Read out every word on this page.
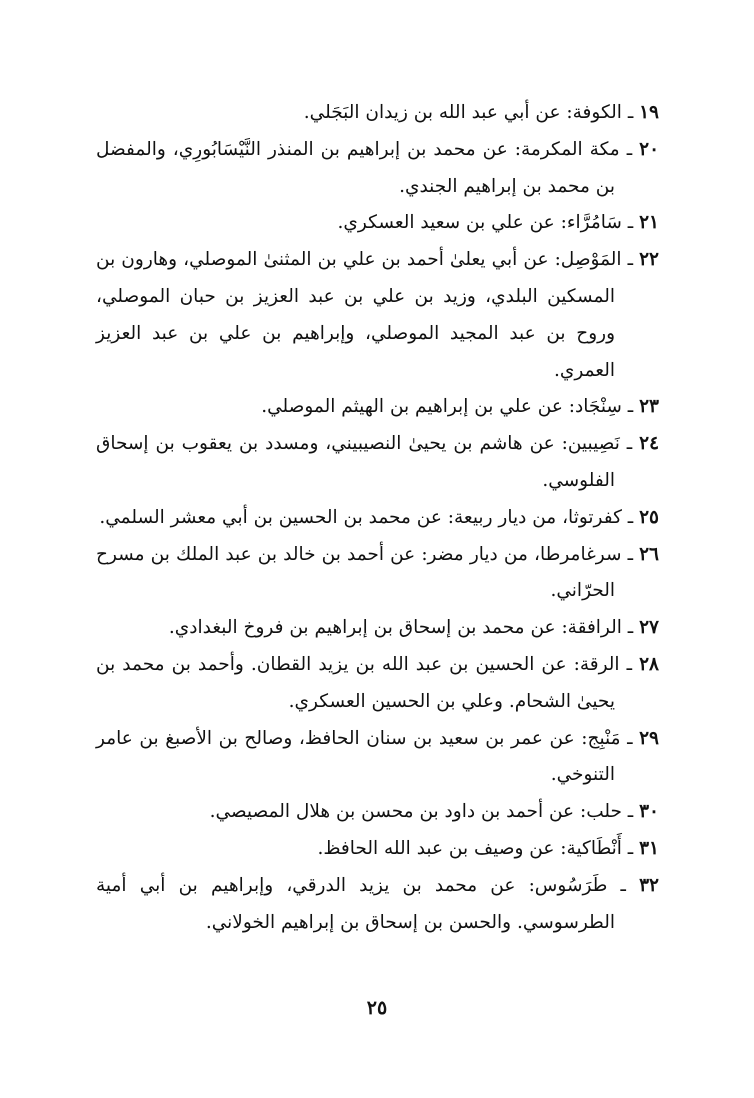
١٩ ـ الكوفة: عن أبي عبد الله بن زيدان البَجَلي.

٢٠ ـ مكة المكرمة: عن محمد بن إبراهيم بن المنذر النَّيْسَابُورِي، والمفضل بن محمد بن إبراهيم الجندي.

٢١ ـ سَامُرَّاء: عن علي بن سعيد العسكري.

٢٢ ـ المَوْصِل: عن أبي يعلىٰ أحمد بن علي بن المثنىٰ الموصلي، وهارون بن المسكين البلدي، وزيد بن علي بن عبد العزيز بن حبان الموصلي، وروح بن عبد المجيد الموصلي، وإبراهيم بن علي بن عبد العزيز العمري.

٢٣ ـ سِنْجَاد: عن علي بن إبراهيم بن الهيثم الموصلي.

٢٤ ـ نَصِيبين: عن هاشم بن يحيىٰ النصيبيني، ومسدد بن يعقوب بن إسحاق الفلوسي.

٢٥ ـ كفرتوثا، من ديار ربيعة: عن محمد بن الحسين بن أبي معشر السلمي.

٢٦ ـ سرغامرطا، من ديار مضر: عن أحمد بن خالد بن عبد الملك بن مسرح الحرّاني.

٢٧ ـ الرافقة: عن محمد بن إسحاق بن إبراهيم بن فروخ البغدادي.

٢٨ ـ الرقة: عن الحسين بن عبد الله بن يزيد القطان. وأحمد بن محمد بن يحيىٰ الشحام. وعلي بن الحسين العسكري.

٢٩ ـ مَنْبِج: عن عمر بن سعيد بن سنان الحافظ، وصالح بن الأصبغ بن عامر التنوخي.

٣٠ ـ حلب: عن أحمد بن داود بن محسن بن هلال المصيصي.

٣١ ـ أَنْطَاكية: عن وصيف بن عبد الله الحافظ.

٣٢ ـ طَرَسُوس: عن محمد بن يزيد الدرقي، وإبراهيم بن أبي أمية الطرسوسي. والحسن بن إسحاق بن إبراهيم الخولاني.

٢٥
